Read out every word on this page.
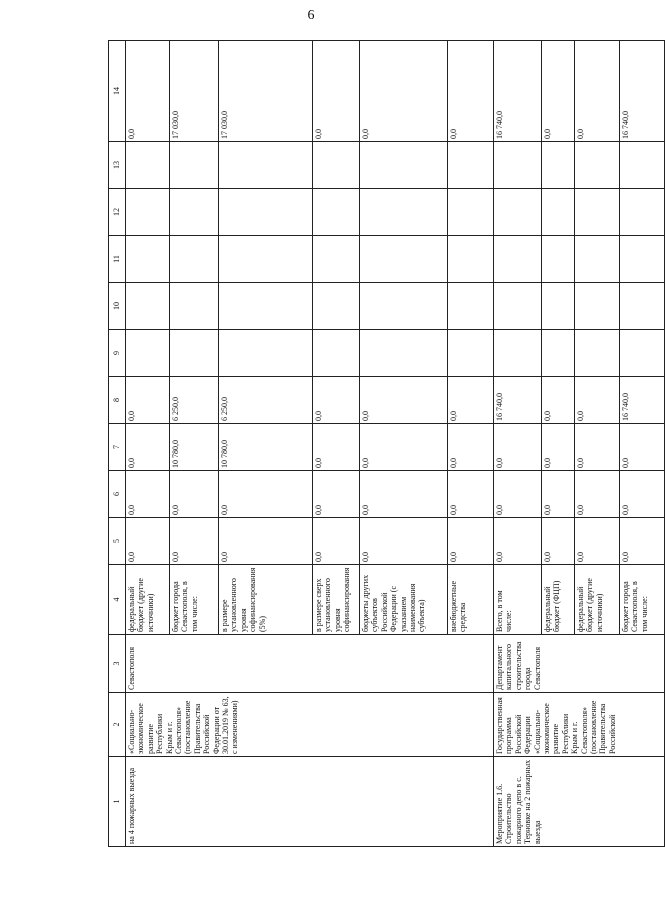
6
1	2	3	4	5	6	7	8	9	10	11	12	13	14
на 4 пожарных выезда	«Социально-экономическое развитие Республики Крым и г. Севастополя» (постановление Правительства Российской Федерации от 30.01.2019 № 63, с изменениями)	Севастополя	федеральный бюджет (другие источники)	0,0	0,0	0,0	0,0						0,0
			бюджет города Севастополя, в том числе:	0,0	0,0	10 780,0	6 250,0						17 030,0
			в размере установленного уровня софинансирования (5%)	0,0	0,0	10 780,0	6 250,0						17 030,0
			в размере сверх установленного уровня софинансирования	0,0	0,0	0,0	0,0						0,0
			бюджеты других субъектов Российской Федерации (с указанием наименования субъекта)	0,0	0,0	0,0	0,0						0,0
			внебюджетные средства	0,0	0,0	0,0	0,0						0,0
Мероприятие 1.6. Строительство пожарного депо в с. Терновке на 2 пожарных выезда	Государственная программа Российской Федерации «Социально-экономическое развитие Республики Крым и г. Севастополя» (постановление Правительства Российской	Департамент капитального строительства города Севастополя	Всего, в том числе:	0,0	0,0	0,0	16 740,0						16 740,0
			федеральный бюджет (ФЦП)	0,0	0,0	0,0	0,0						0,0
			федеральный бюджет (другие источники)	0,0	0,0	0,0	0,0						0,0
			бюджет города Севастополя, в том числе:	0,0	0,0	0,0	16 740,0						16 740,0
